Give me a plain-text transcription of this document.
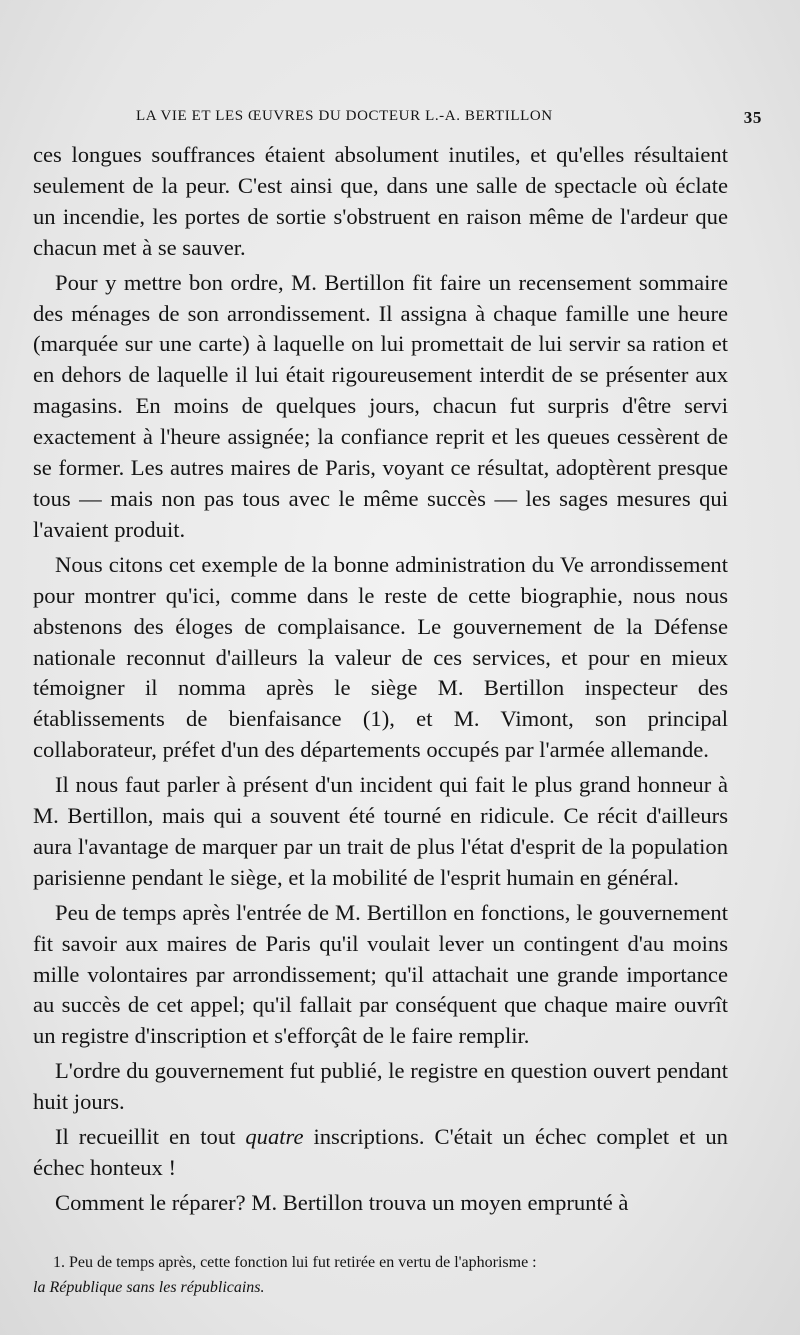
LA VIE ET LES ŒUVRES DU DOCTEUR L.-A. BERTILLON	35

ces longues souffrances étaient absolument inutiles, et qu'elles résultaient seulement de la peur. C'est ainsi que, dans une salle de spectacle où éclate un incendie, les portes de sortie s'obstruent en raison même de l'ardeur que chacun met à se sauver.

Pour y mettre bon ordre, M. Bertillon fit faire un recensement sommaire des ménages de son arrondissement. Il assigna à chaque famille une heure (marquée sur une carte) à laquelle on lui promettait de lui servir sa ration et en dehors de laquelle il lui était rigoureusement interdit de se présenter aux magasins. En moins de quelques jours, chacun fut surpris d'être servi exactement à l'heure assignée; la confiance reprit et les queues cessèrent de se former. Les autres maires de Paris, voyant ce résultat, adoptèrent presque tous — mais non pas tous avec le même succès — les sages mesures qui l'avaient produit.

Nous citons cet exemple de la bonne administration du Ve arrondissement pour montrer qu'ici, comme dans le reste de cette biographie, nous nous abstenons des éloges de complaisance. Le gouvernement de la Défense nationale reconnut d'ailleurs la valeur de ces services, et pour en mieux témoigner il nomma après le siège M. Bertillon inspecteur des établissements de bienfaisance (1), et M. Vimont, son principal collaborateur, préfet d'un des départements occupés par l'armée allemande.

Il nous faut parler à présent d'un incident qui fait le plus grand honneur à M. Bertillon, mais qui a souvent été tourné en ridicule. Ce récit d'ailleurs aura l'avantage de marquer par un trait de plus l'état d'esprit de la population parisienne pendant le siège, et la mobilité de l'esprit humain en général.

Peu de temps après l'entrée de M. Bertillon en fonctions, le gouvernement fit savoir aux maires de Paris qu'il voulait lever un contingent d'au moins mille volontaires par arrondissement; qu'il attachait une grande importance au succès de cet appel; qu'il fallait par conséquent que chaque maire ouvrît un registre d'inscription et s'efforçât de le faire remplir.

L'ordre du gouvernement fut publié, le registre en question ouvert pendant huit jours.

Il recueillit en tout quatre inscriptions. C'était un échec complet et un échec honteux !

Comment le réparer? M. Bertillon trouva un moyen emprunté à

1. Peu de temps après, cette fonction lui fut retirée en vertu de l'aphorisme :

la République sans les républicains.
